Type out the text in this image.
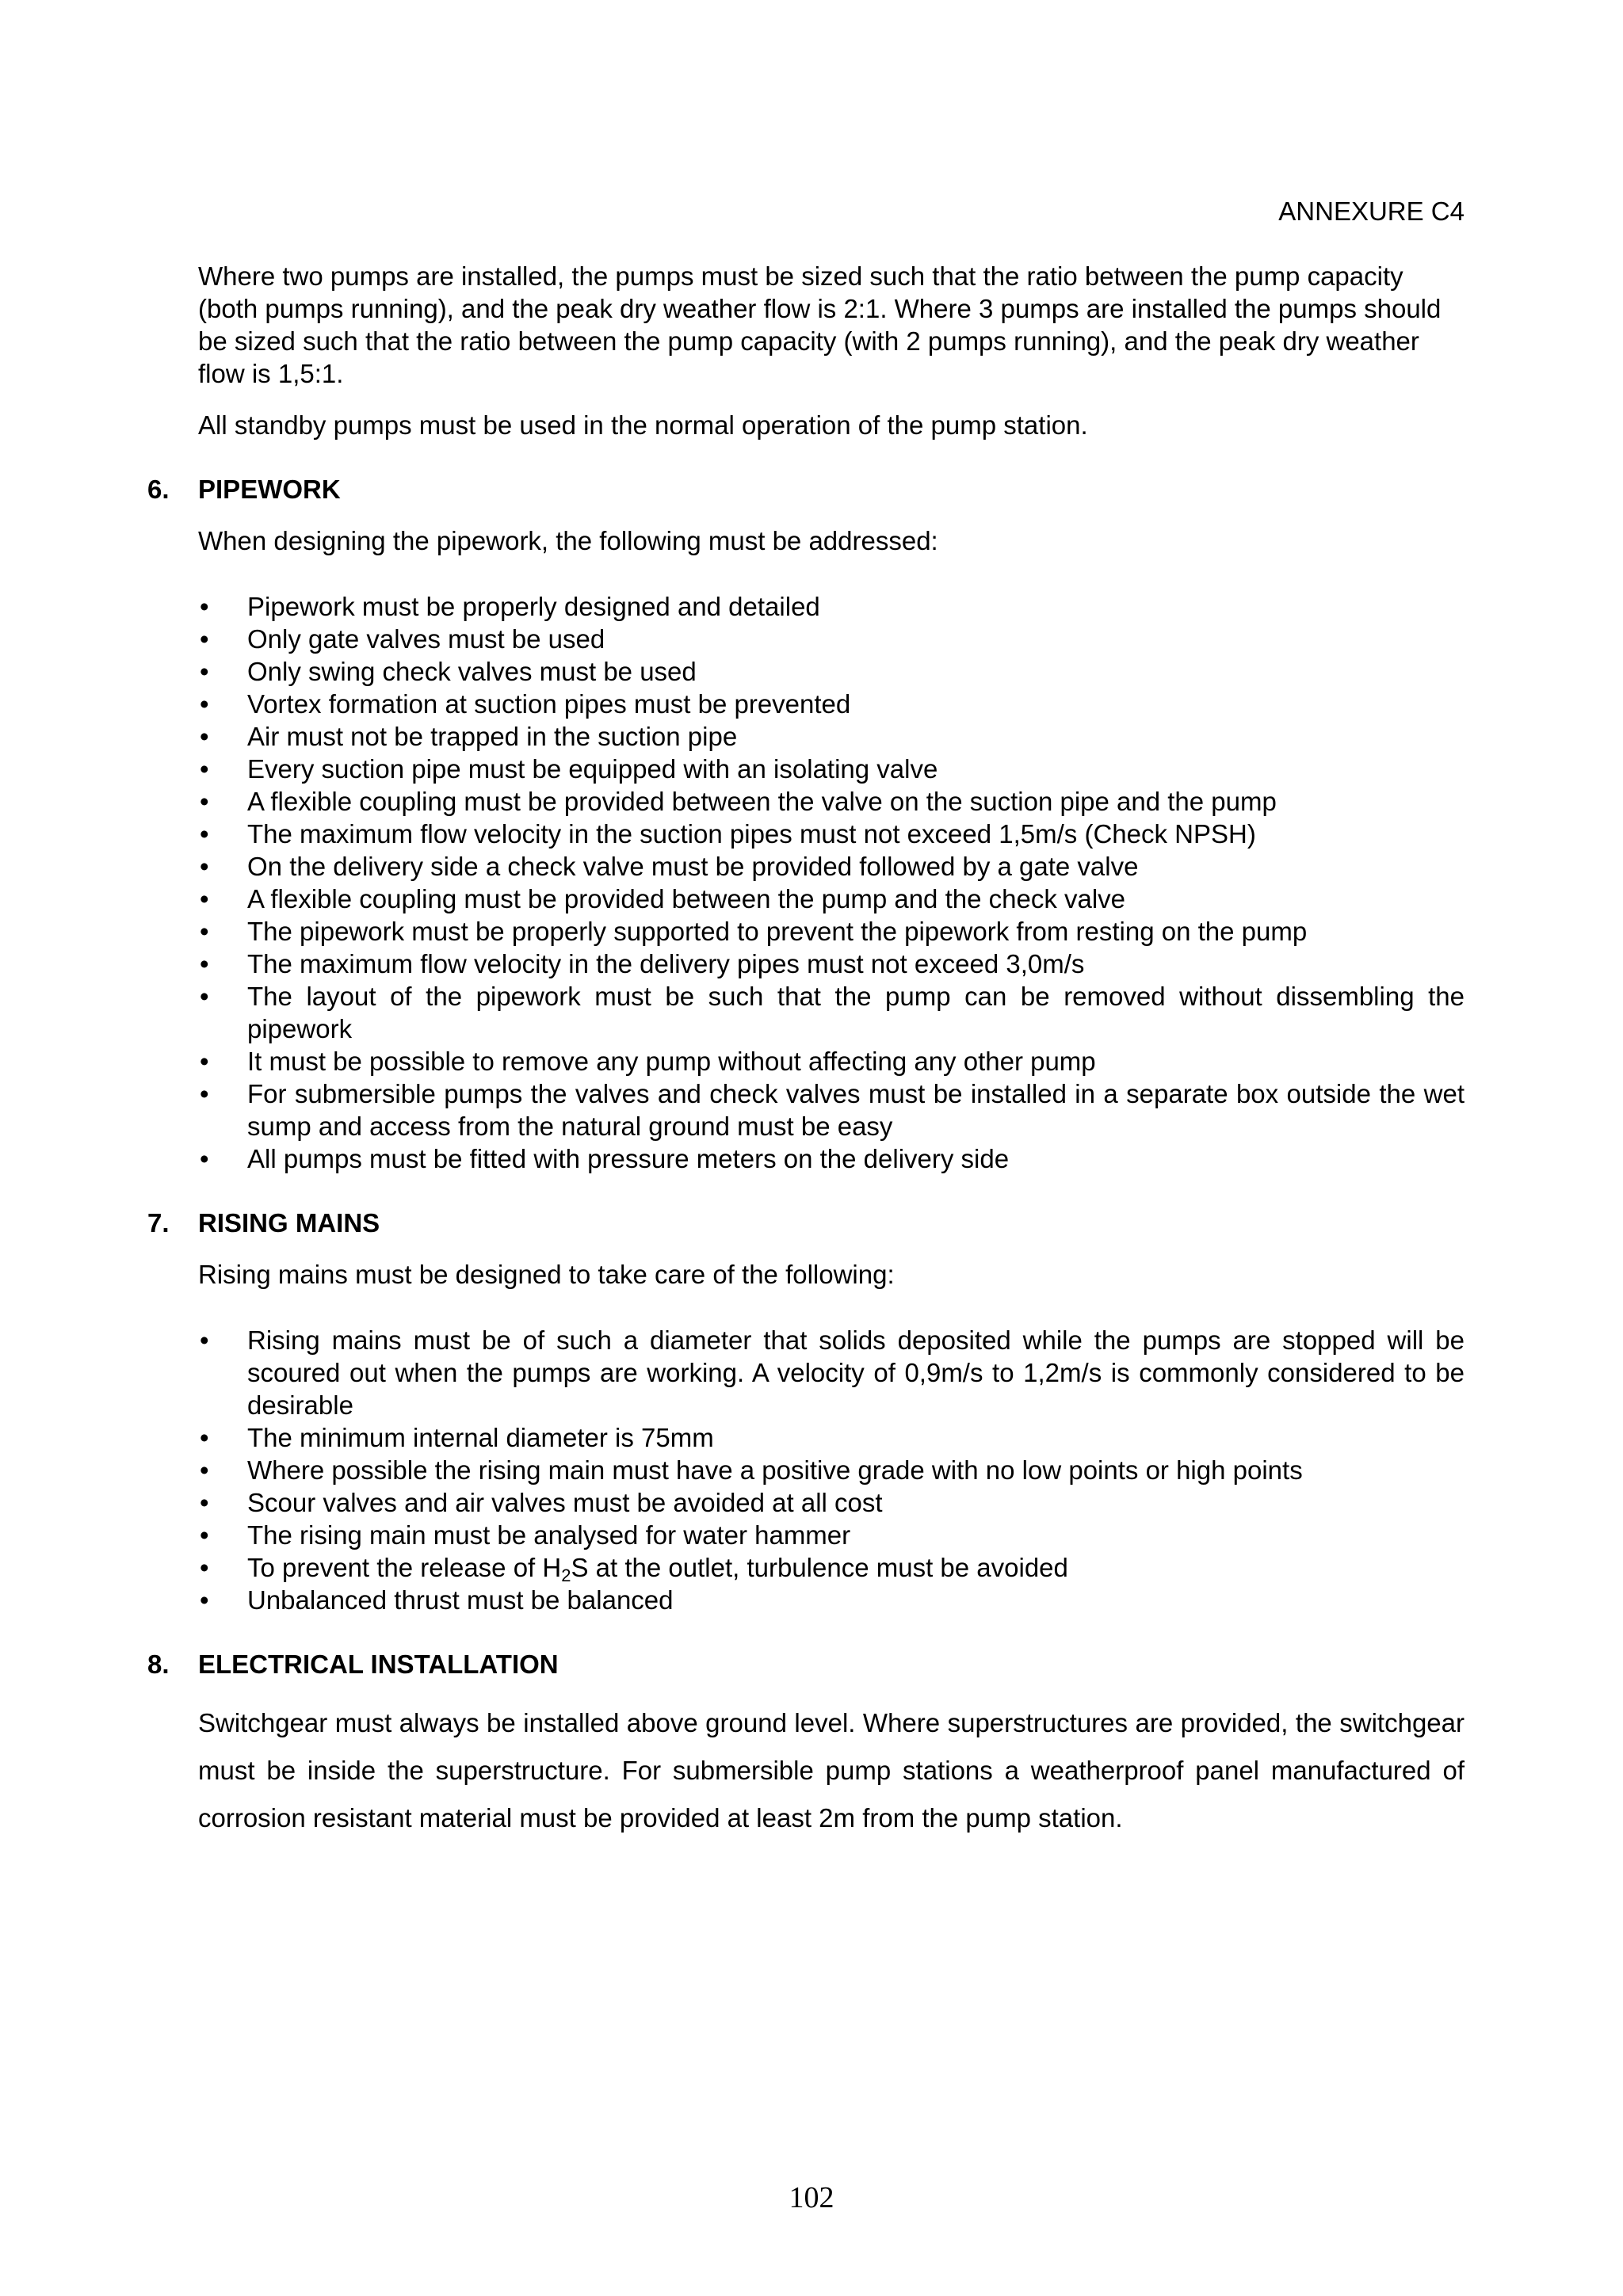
ANNEXURE C4

Where two pumps are installed, the pumps must be sized such that the ratio between the pump capacity (both pumps running), and the peak dry weather flow is 2:1. Where 3 pumps are installed the pumps should be sized such that the ratio between the pump capacity (with 2 pumps running), and the peak dry weather flow is 1,5:1.

All standby pumps must be used in the normal operation of the pump station.

6. PIPEWORK

When designing the pipework, the following must be addressed:

• Pipework must be properly designed and detailed
• Only gate valves must be used
• Only swing check valves must be used
• Vortex formation at suction pipes must be prevented
• Air must not be trapped in the suction pipe
• Every suction pipe must be equipped with an isolating valve
• A flexible coupling must be provided between the valve on the suction pipe and the pump
• The maximum flow velocity in the suction pipes must not exceed 1,5m/s (Check NPSH)
• On the delivery side a check valve must be provided followed by a gate valve
• A flexible coupling must be provided between the pump and the check valve
• The pipework must be properly supported to prevent the pipework from resting on the pump
• The maximum flow velocity in the delivery pipes must not exceed 3,0m/s
• The layout of the pipework must be such that the pump can be removed without dissembling the pipework
• It must be possible to remove any pump without affecting any other pump
• For submersible pumps the valves and check valves must be installed in a separate box outside the wet sump and access from the natural ground must be easy
• All pumps must be fitted with pressure meters on the delivery side
7. RISING MAINS

Rising mains must be designed to take care of the following:

• Rising mains must be of such a diameter that solids deposited while the pumps are stopped will be scoured out when the pumps are working. A velocity of 0,9m/s to 1,2m/s is commonly considered to be desirable
• The minimum internal diameter is 75mm
• Where possible the rising main must have a positive grade with no low points or high points
• Scour valves and air valves must be avoided at all cost
• The rising main must be analysed for water hammer
• To prevent the release of $H_2S$ at the outlet, turbulence must be avoided
• Unbalanced thrust must be balanced
8. ELECTRICAL INSTALLATION

Switchgear must always be installed above ground level. Where superstructures are provided, the switchgear must be inside the superstructure. For submersible pump stations a weatherproof panel manufactured of corrosion resistant material must be provided at least 2m from the pump station.

102
